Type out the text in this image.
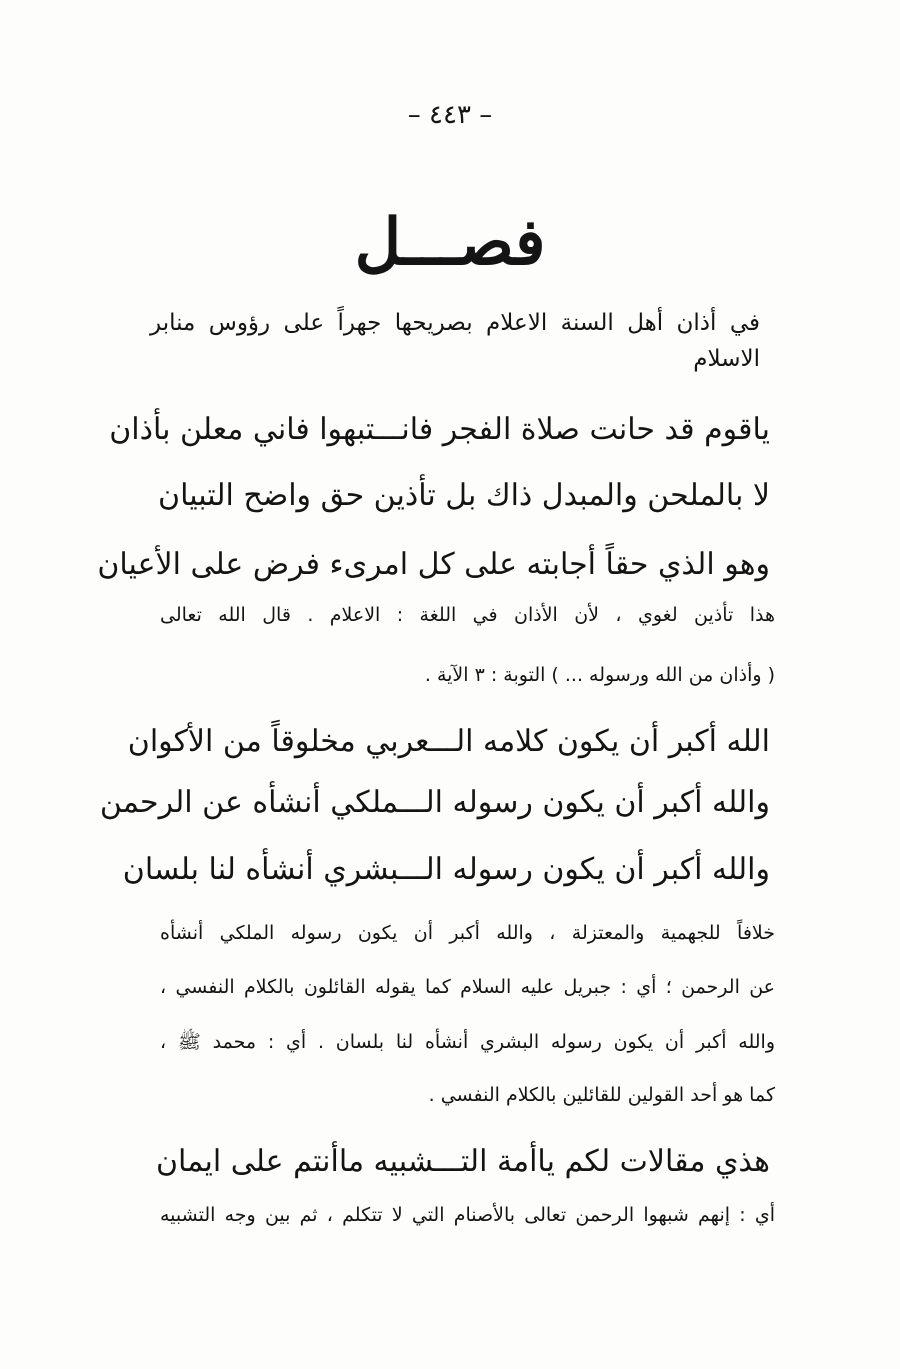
– ٤٤٣ –
فصـــل
في أذان أهل السنة الاعلام بصريحها جهراً على رؤوس منابر الاسلام
ياقوم قد حانت صلاة الفجر فانـــتبهوا فاني معلن بأذان
لا بالملحن والمبدل ذاك بل تأذين حق واضح التبيان
وهو الذي حقاً أجابته على كل امرىء فرض على الأعيان
هذا تأذين لغوي ، لأن الأذان في اللغة : الاعلام . قال الله تعالى
( وأذان من الله ورسوله ... ) التوبة : ٣ الآية .
الله أكبر أن يكون كلامه الـــعربي مخلوقاً من الأكوان
والله أكبر أن يكون رسوله الـــملكي أنشأه عن الرحمن
والله أكبر أن يكون رسوله الـــبشري أنشأه لنا بلسان
خلافاً للجهمية والمعتزلة ، والله أكبر أن يكون رسوله الملكي أنشأه
عن الرحمن ؛ أي : جبريل عليه السلام كما يقوله القائلون بالكلام النفسي ،
والله أكبر أن يكون رسوله البشري أنشأه لنا بلسان . أي : محمد ﷺ ،
كما هو أحد القولين للقائلين بالكلام النفسي .
هذي مقالات لكم ياأمة التـــشبيه ماأنتم على ايمان
أي : إنهم شبهوا الرحمن تعالى بالأصنام التي لا تتكلم ، ثم بين وجه التشبيه
